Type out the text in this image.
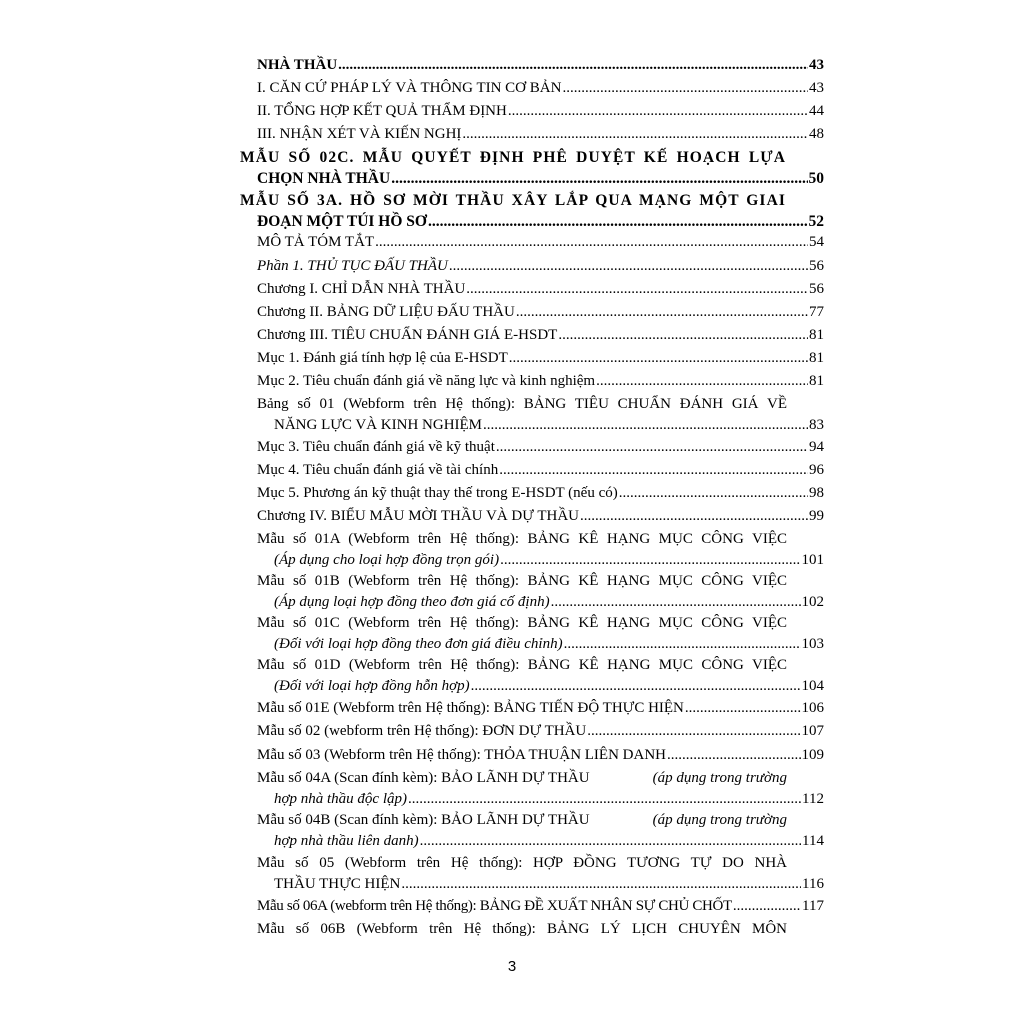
NHÀ THẦU .....	43
I. CĂN CỨ PHÁP LÝ VÀ THÔNG TIN CƠ BẢN .....	43
II. TỔNG HỢP KẾT QUẢ THẨM ĐỊNH .....	44
III. NHẬN XÉT VÀ KIẾN NGHỊ .....	48
MẪU SỐ 02C. MẪU QUYẾT ĐỊNH PHÊ DUYỆT KẾ HOẠCH LỰA
CHỌN NHÀ THẦU .....	50
MẪU SỐ 3A. HỒ SƠ MỜI THẦU XÂY LẮP QUA MẠNG MỘT GIAI
ĐOẠN MỘT TÚI HỒ SƠ .....	52
MÔ TẢ TÓM TẮT .....	54
Phần 1. THỦ TỤC ĐẤU THẦU .....	56
Chương I. CHỈ DẪN NHÀ THẦU .....	56
Chương II. BẢNG DỮ LIỆU ĐẤU THẦU .....	77
Chương III. TIÊU CHUẨN ĐÁNH GIÁ E-HSDT .....	81
Mục 1. Đánh giá tính hợp lệ của E-HSDT .....	81
Mục 2. Tiêu chuẩn đánh giá về năng lực và kinh nghiệm .....	81
Bảng số 01 (Webform trên Hệ thống): BẢNG TIÊU CHUẨN ĐÁNH GIÁ VỀ
NĂNG LỰC VÀ KINH NGHIỆM .....	83
Mục 3. Tiêu chuẩn đánh giá về kỹ thuật .....	94
Mục 4. Tiêu chuẩn đánh giá về tài chính .....	96
Mục 5. Phương án kỹ thuật thay thế trong E-HSDT (nếu có) .....	98
Chương IV. BIỂU MẪU MỜI THẦU VÀ DỰ THẦU .....	99
Mẫu số 01A (Webform trên Hệ thống): BẢNG KÊ HẠNG MỤC CÔNG VIỆC
(Áp dụng cho loại hợp đồng trọn gói) .....	101
Mẫu số 01B (Webform trên Hệ thống): BẢNG KÊ HẠNG MỤC CÔNG VIỆC
(Áp dụng loại hợp đồng theo đơn giá cố định) .....	102
Mẫu số 01C (Webform trên Hệ thống): BẢNG KÊ HẠNG MỤC CÔNG VIỆC
(Đối với loại hợp đồng theo đơn giá điều chỉnh) .....	103
Mẫu số 01D (Webform trên Hệ thống): BẢNG KÊ HẠNG MỤC CÔNG VIỆC
(Đối với loại hợp đồng hỗn hợp) .....	104
Mẫu số 01E (Webform trên Hệ thống): BẢNG TIẾN ĐỘ THỰC HIỆN .....	106
Mẫu số 02 (webform trên Hệ thống): ĐƠN DỰ THẦU .....	107
Mẫu số 03 (Webform trên Hệ thống): THỎA THUẬN LIÊN DANH .....	109
Mẫu số 04A (Scan đính kèm): BẢO LÃNH DỰ THẦU	(áp dụng trong trường
hợp nhà thầu độc lập) .....	112
Mẫu số 04B (Scan đính kèm): BẢO LÃNH DỰ THẦU	(áp dụng trong trường
hợp nhà thầu liên danh) .....	114
Mẫu số 05 (Webform trên Hệ thống): HỢP ĐỒNG TƯƠNG TỰ DO NHÀ
THẦU THỰC HIỆN .....	116
Mẫu số 06A (webform trên Hệ thống): BẢNG ĐỀ XUẤT NHÂN SỰ CHỦ CHỐT .....	117
Mẫu số 06B (Webform trên Hệ thống): BẢNG LÝ LỊCH CHUYÊN MÔN
3
